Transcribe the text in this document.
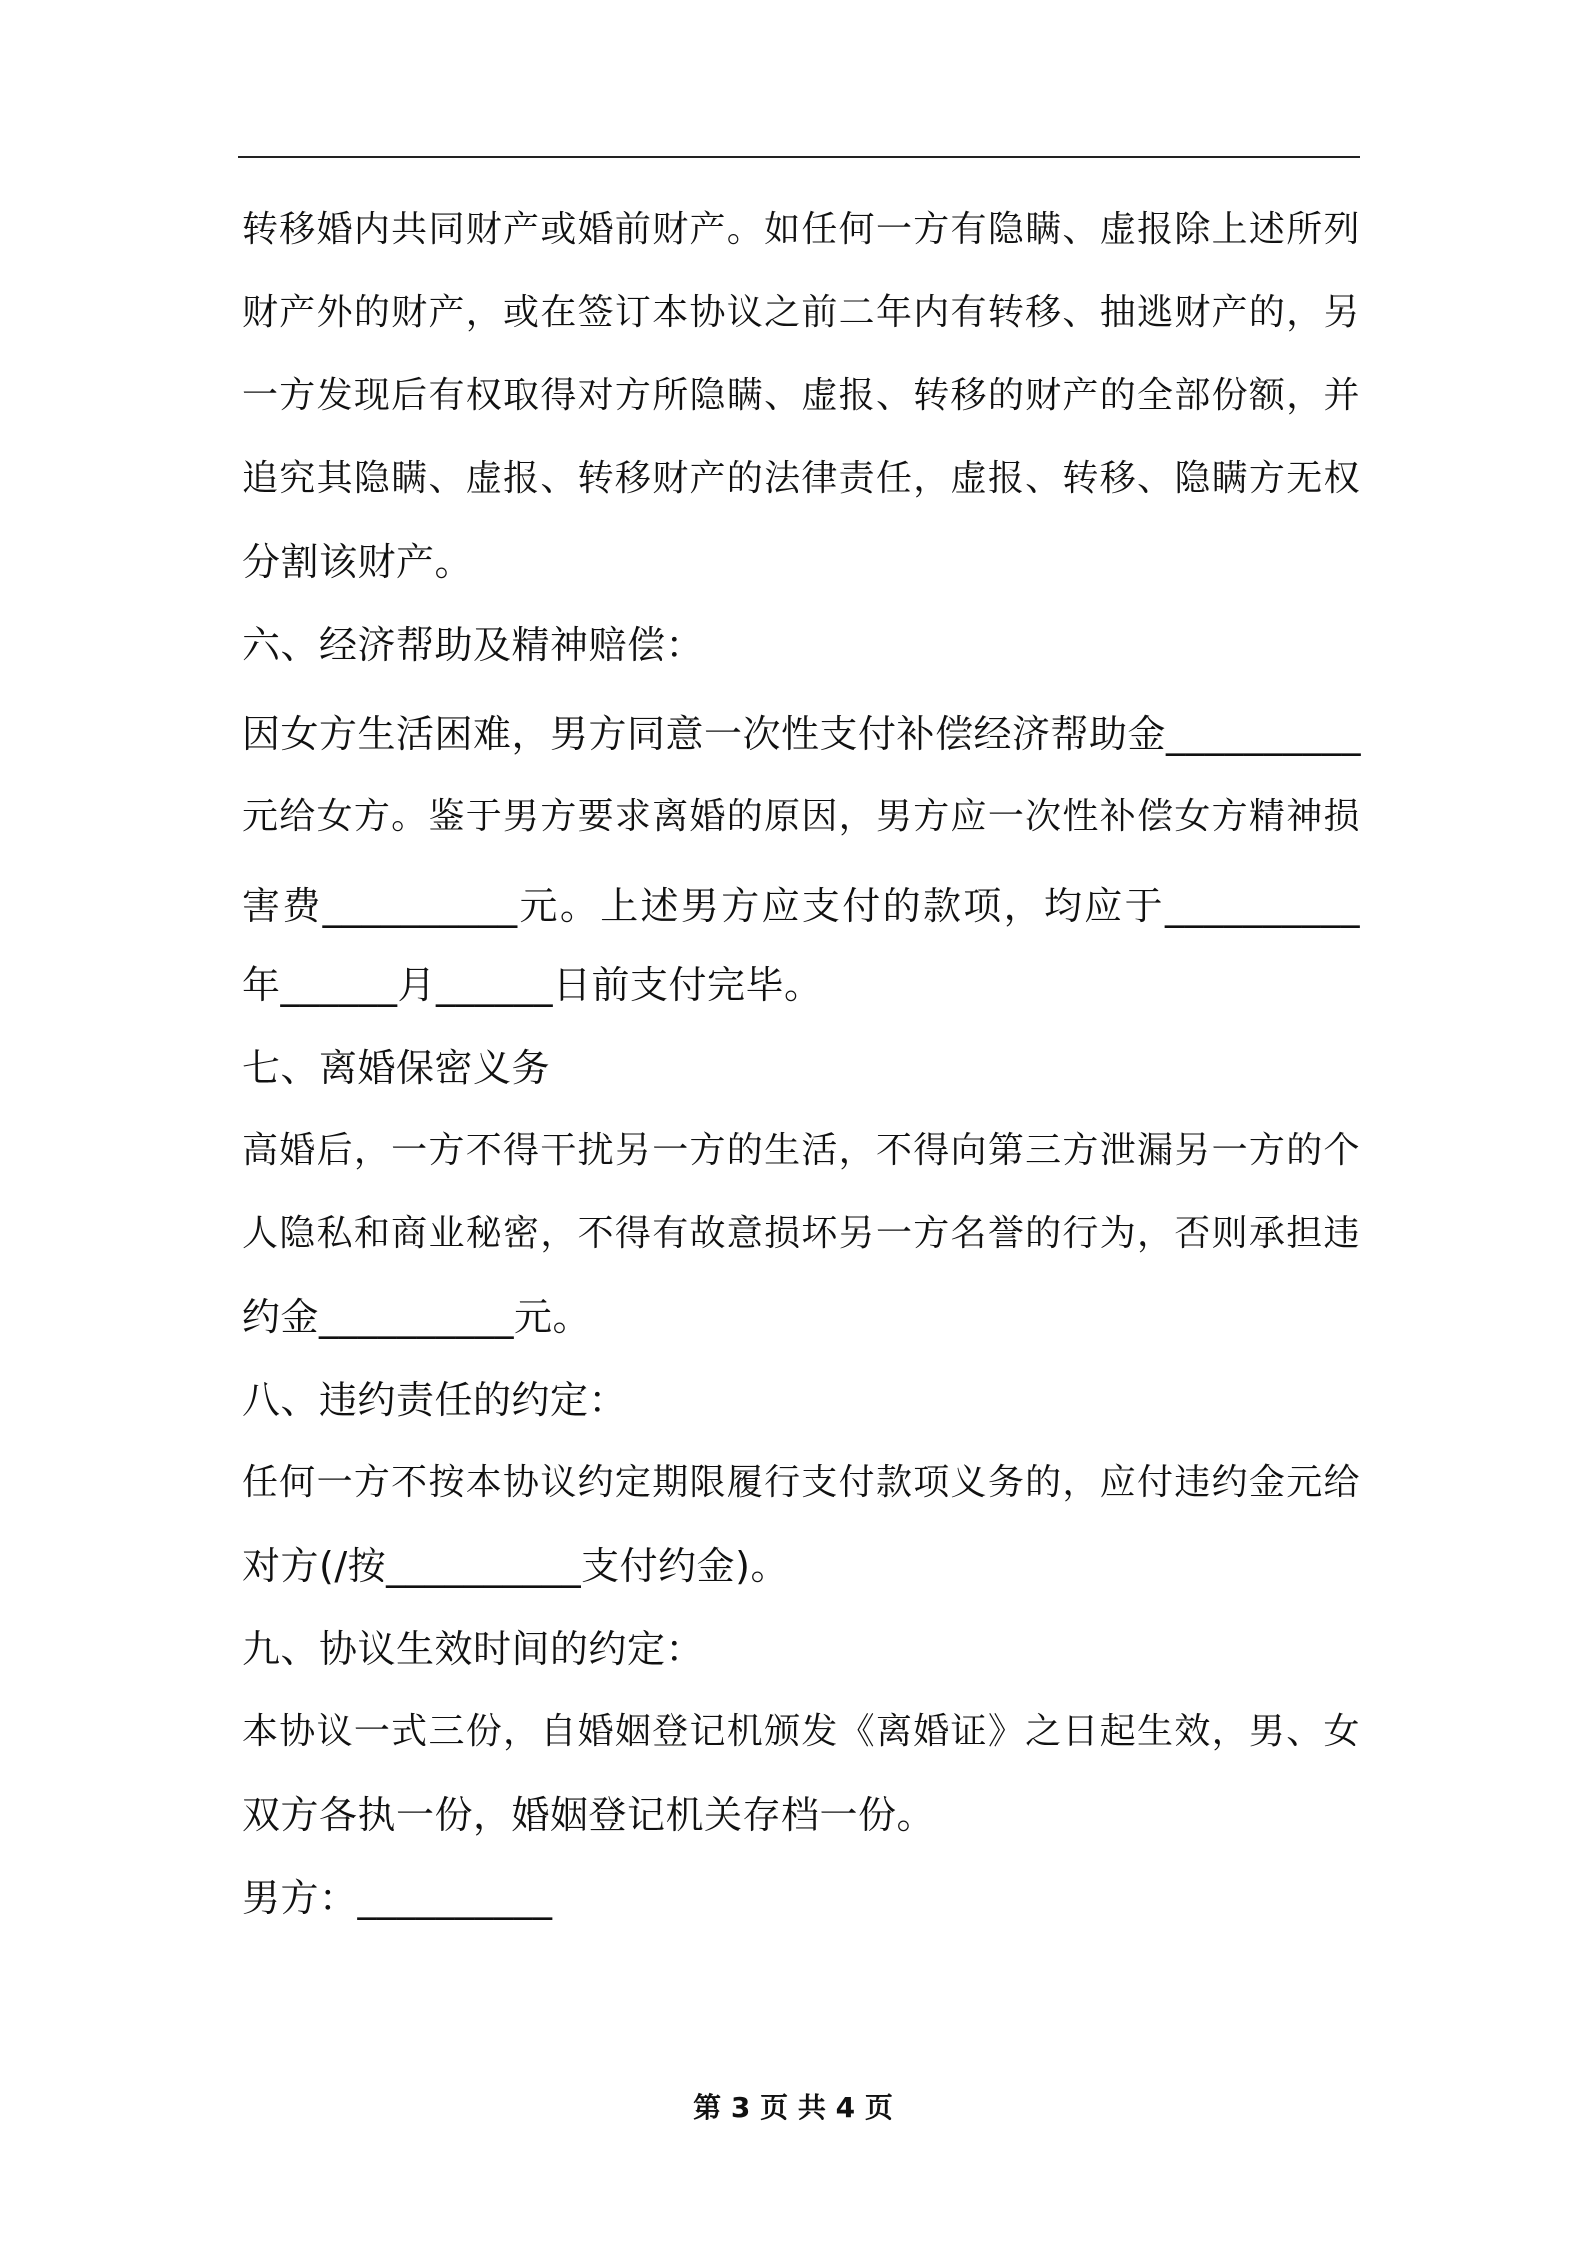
转移婚内共同财产或婚前财产。如任何一方有隐瞒、虚报除上述所列
财产外的财产，或在签订本协议之前二年内有转移、抽逃财产的，另
一方发现后有权取得对方所隐瞒、虚报、转移的财产的全部份额，并
追究其隐瞒、虚报、转移财产的法律责任，虚报、转移、隐瞒方无权
分割该财产。
六、经济帮助及精神赔偿：
因女方生活困难，男方同意一次性支付补偿经济帮助金__________
元给女方。鉴于男方要求离婚的原因，男方应一次性补偿女方精神损
害费__________元。上述男方应支付的款项，均应于__________
年______月______日前支付完毕。
七、离婚保密义务
高婚后，一方不得干扰另一方的生活，不得向第三方泄漏另一方的个
人隐私和商业秘密，不得有故意损坏另一方名誉的行为，否则承担违
约金__________元。
八、违约责任的约定：
任何一方不按本协议约定期限履行支付款项义务的，应付违约金元给
对方(/按__________支付约金)。
九、协议生效时间的约定：
本协议一式三份，自婚姻登记机颁发《离婚证》之日起生效，男、女
双方各执一份，婚姻登记机关存档一份。
男方：__________
第 3 页 共 4 页
